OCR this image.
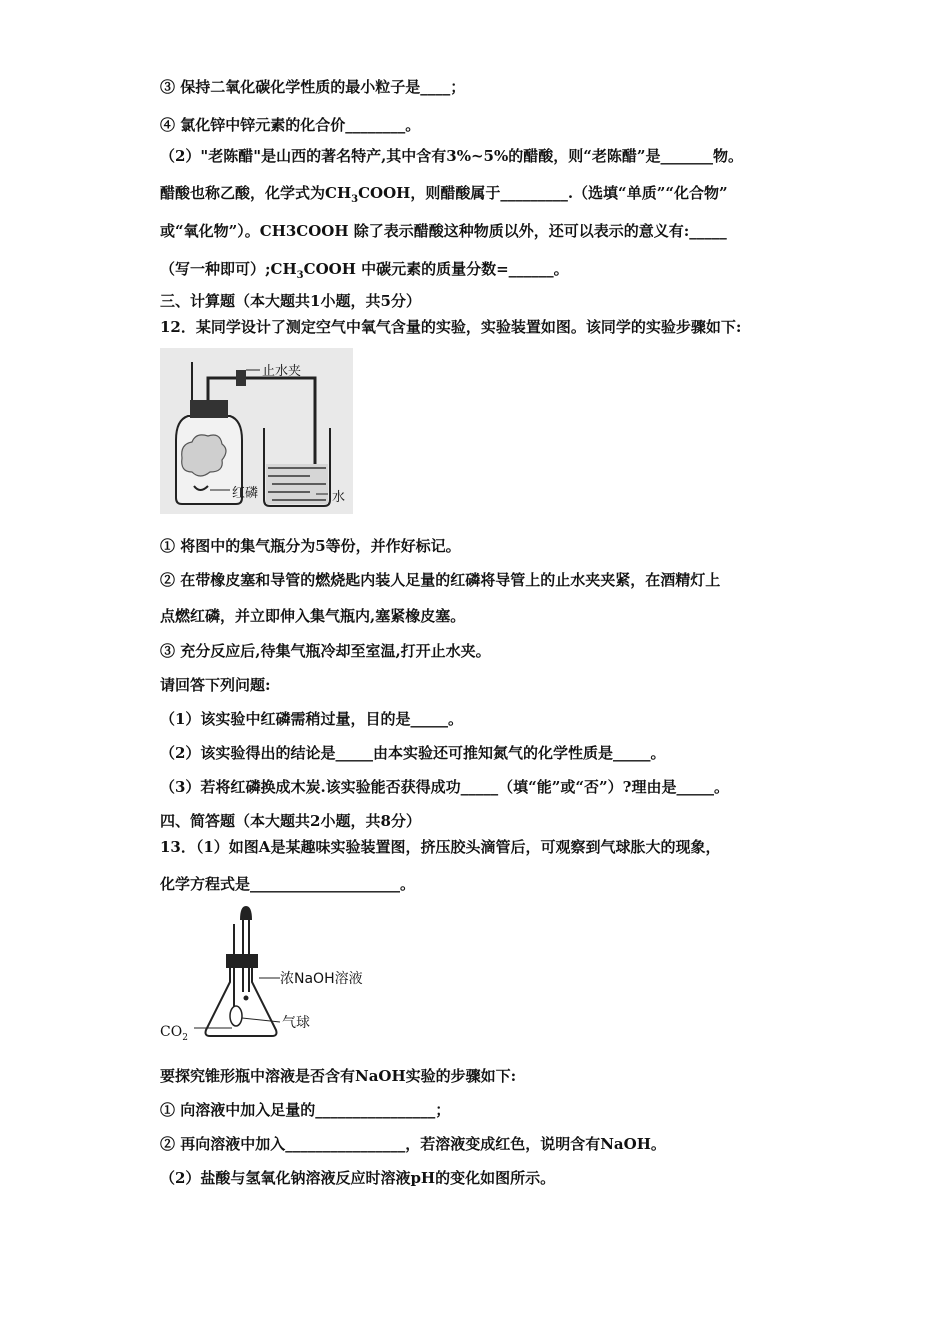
③ 保持二氧化碳化学性质的最小粒子是____；
④ 氯化锌中锌元素的化合价________。
（2）"老陈醋"是山西的著名特产,其中含有3%~5%的醋酸，则“老陈醋”是_______物。
醋酸也称乙酸，化学式为$CH_3COOH$，则醋酸属于_________.（选填“单质”“化合物”
或“氧化物”）。CH3COOH 除了表示醋酸这种物质以外，还可以表示的意义有:_____
（写一种即可）$;CH_3COOH$ 中碳元素的质量分数=______。
三、计算题（本大题共1小题，共5分）
12．某同学设计了测定空气中氧气含量的实验，实验装置如图。该同学的实验步骤如下:
止水夹
红磷	水
① 将图中的集气瓶分为5等份，并作好标记。
② 在带橡皮塞和导管的燃烧匙内装人足量的红磷将导管上的止水夹夹紧，在酒精灯上
点燃红磷，并立即伸入集气瓶内,塞紧橡皮塞。
③ 充分反应后,待集气瓶冷却至室温,打开止水夹。
请回答下列问题:
（1）该实验中红磷需稍过量，目的是_____。
（2）该实验得出的结论是_____由本实验还可推知氮气的化学性质是_____。
（3）若将红磷换成木炭.该实验能否获得成功_____（填“能”或“否”）?理由是_____。
四、简答题（本大题共2小题，共8分）
13．（1）如图A是某趣味实验装置图，挤压胶头滴管后，可观察到气球胀大的现象，
化学方程式是____________________。
浓NaOH溶液
气球
$CO_2$
要探究锥形瓶中溶液是否含有NaOH实验的步骤如下:
① 向溶液中加入足量的________________；
② 再向溶液中加入________________，若溶液变成红色，说明含有NaOH。
（2）盐酸与氢氧化钠溶液反应时溶液pH的变化如图所示。
